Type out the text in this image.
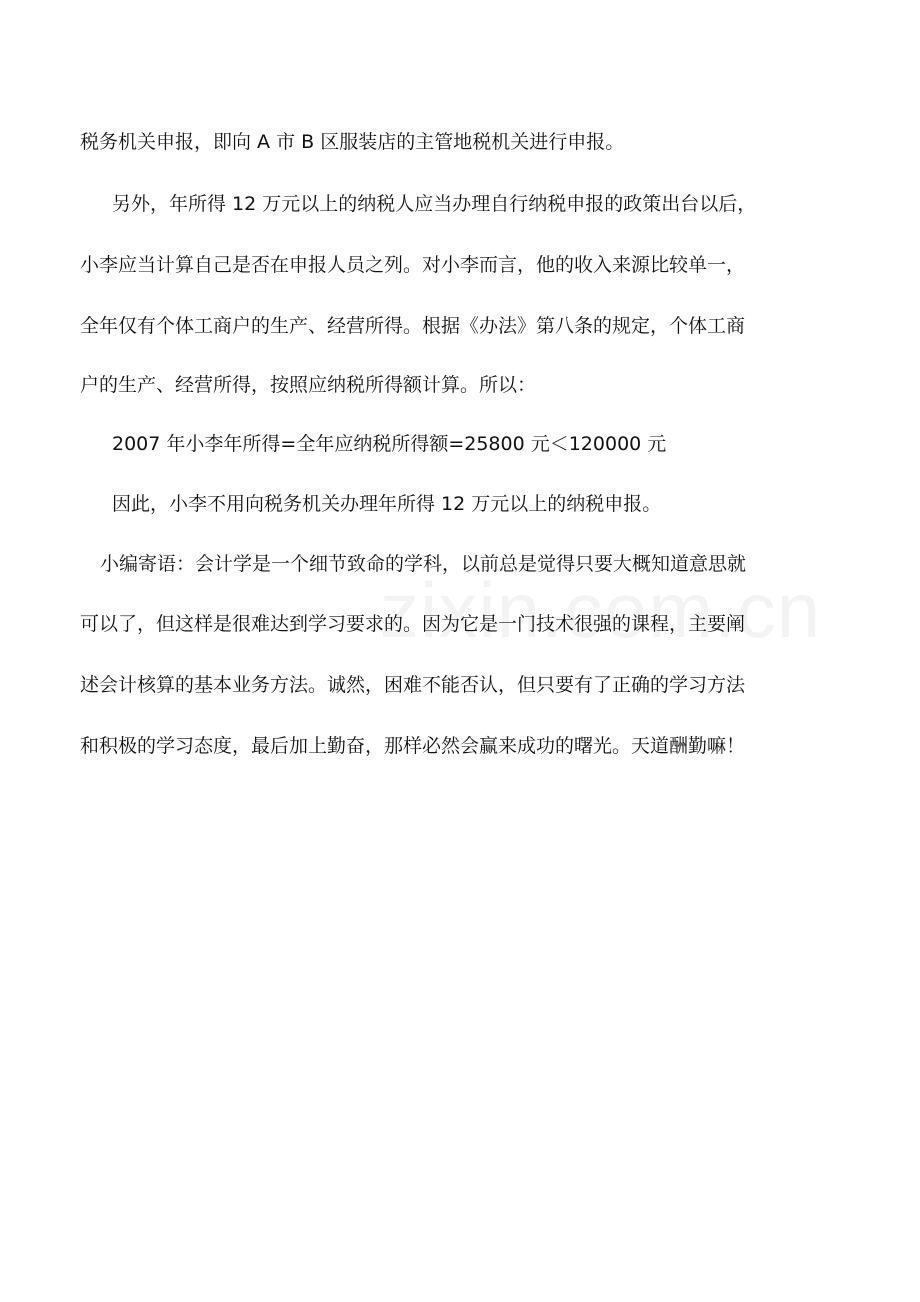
税务机关申报，即向 A 市 B 区服装店的主管地税机关进行申报。
另外，年所得 12 万元以上的纳税人应当办理自行纳税申报的政策出台以后，
小李应当计算自己是否在申报人员之列。对小李而言，他的收入来源比较单一，
全年仅有个体工商户的生产、经营所得。根据《办法》第八条的规定，个体工商
户的生产、经营所得，按照应纳税所得额计算。所以：
2007 年小李年所得=全年应纳税所得额=25800 元＜120000 元
因此，小李不用向税务机关办理年所得 12 万元以上的纳税申报。
小编寄语：会计学是一个细节致命的学科，以前总是觉得只要大概知道意思就
可以了，但这样是很难达到学习要求的。因为它是一门技术很强的课程，主要阐
述会计核算的基本业务方法。诚然，困难不能否认，但只要有了正确的学习方法
和积极的学习态度，最后加上勤奋，那样必然会赢来成功的曙光。天道酬勤嘛！
